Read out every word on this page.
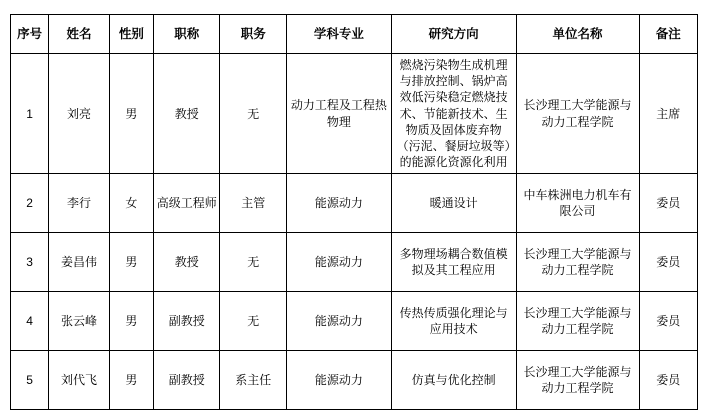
序号	姓名	性别	职称	职务	学科专业	研究方向	单位名称	备注
1	刘亮	男	教授	无	动力工程及工程热物理	燃烧污染物生成机理与排放控制、锅炉高效低污染稳定燃烧技术、节能新技术、生物质及固体废弃物（污泥、餐厨垃圾等）的能源化资源化利用	长沙理工大学能源与动力工程学院	主席
2	李行	女	高级工程师	主管	能源动力	暖通设计	中车株洲电力机车有限公司	委员
3	姜昌伟	男	教授	无	能源动力	多物理场耦合数值模拟及其工程应用	长沙理工大学能源与动力工程学院	委员
4	张云峰	男	副教授	无	能源动力	传热传质强化理论与应用技术	长沙理工大学能源与动力工程学院	委员
5	刘代飞	男	副教授	系主任	能源动力	仿真与优化控制	长沙理工大学能源与动力工程学院	委员
